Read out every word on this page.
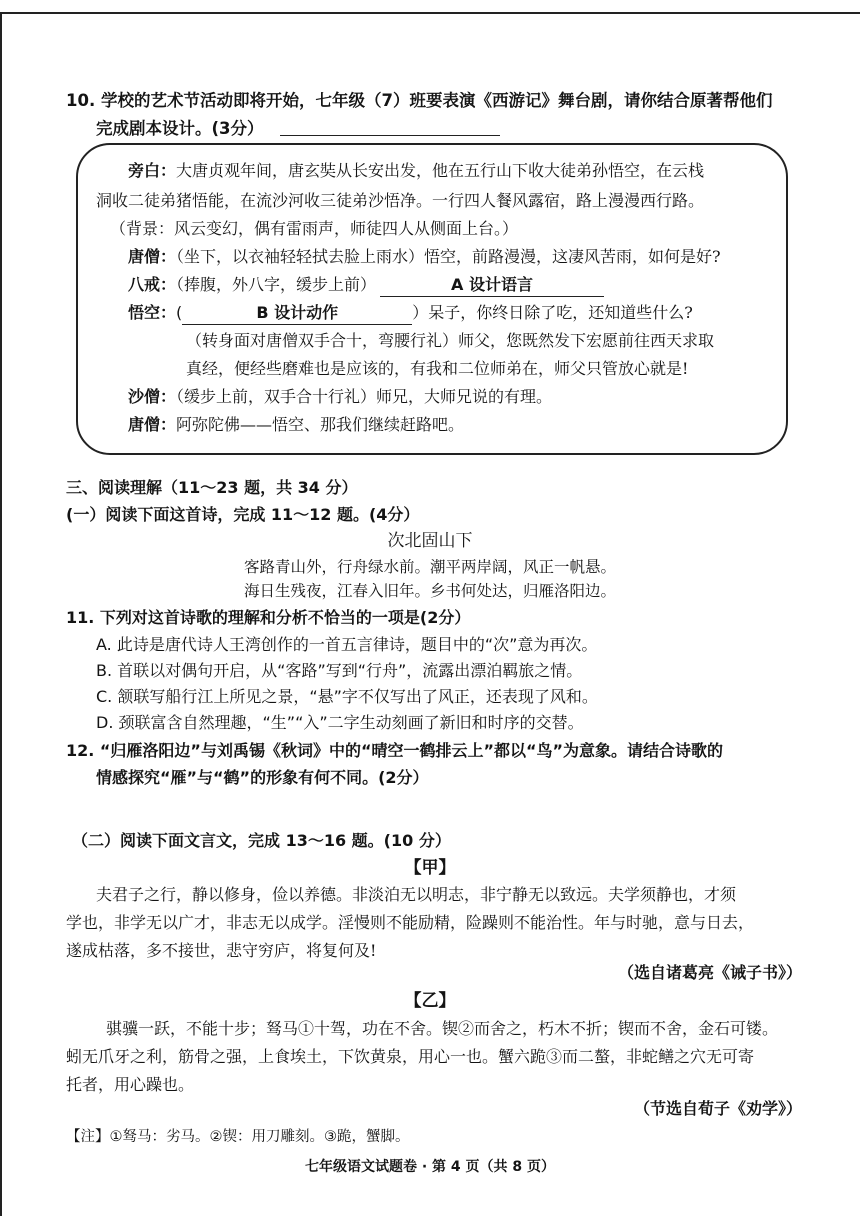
10. 学校的艺术节活动即将开始，七年级（7）班要表演《西游记》舞台剧，请你结合原著帮他们
完成剧本设计。(3分）
旁白：大唐贞观年间，唐玄奘从长安出发，他在五行山下收大徒弟孙悟空，在云栈
洞收二徒弟猪悟能，在流沙河收三徒弟沙悟净。一行四人餐风露宿，路上漫漫西行路。
（背景：风云变幻，偶有雷雨声，师徒四人从侧面上台。）
唐僧：（坐下，以衣袖轻轻拭去脸上雨水）悟空，前路漫漫，这凄风苦雨，如何是好?
八戒：（捧腹，外八字，缓步上前）	A 设计语言
悟空：(	B 设计动作	）呆子，你终日除了吃，还知道些什么?
（转身面对唐僧双手合十，弯腰行礼）师父，您既然发下宏愿前往西天求取
真经，便经些磨难也是应该的，有我和二位师弟在，师父只管放心就是!
沙僧：（缓步上前，双手合十行礼）师兄，大师兄说的有理。
唐僧：阿弥陀佛——悟空、那我们继续赶路吧。
三、阅读理解（11～23 题，共 34 分）
(一）阅读下面这首诗，完成 11～12 题。(4分）
次北固山下
客路青山外，行舟绿水前。潮平两岸阔，风正一帆悬。
海日生残夜，江春入旧年。乡书何处达，归雁洛阳边。
11. 下列对这首诗歌的理解和分析不恰当的一项是(2分）
A. 此诗是唐代诗人王湾创作的一首五言律诗，题目中的“次”意为再次。
B. 首联以对偶句开启，从“客路”写到“行舟”，流露出漂泊羁旅之情。
C. 颔联写船行江上所见之景，“悬”字不仅写出了风正，还表现了风和。
D. 颈联富含自然理趣，“生”“入”二字生动刻画了新旧和时序的交替。
12. “归雁洛阳边”与刘禹锡《秋词》中的“晴空一鹤排云上”都以“鸟”为意象。请结合诗歌的
情感探究“雁”与“鹤”的形象有何不同。(2分）
（二）阅读下面文言文，完成 13～16 题。(10 分）
【甲】
夫君子之行，静以修身，俭以养德。非淡泊无以明志，非宁静无以致远。夫学须静也，才须
学也，非学无以广才，非志无以成学。淫慢则不能励精，险躁则不能治性。年与时驰，意与日去，
遂成枯落，多不接世，悲守穷庐，将复何及!
（选自诸葛亮《诫子书》）
【乙】
骐骥一跃，不能十步；驽马①十驾，功在不舍。锲②而舍之，朽木不折；锲而不舍，金石可镂。
蚓无爪牙之利，筋骨之强，上食埃土，下饮黄泉，用心一也。蟹六跪③而二螯，非蛇鳝之穴无可寄
托者，用心躁也。
（节选自荀子《劝学》）
【注】①驽马：劣马。②锲：用刀雕刻。③跪，蟹脚。
七年级语文试题卷 · 第 4 页（共 8 页）
